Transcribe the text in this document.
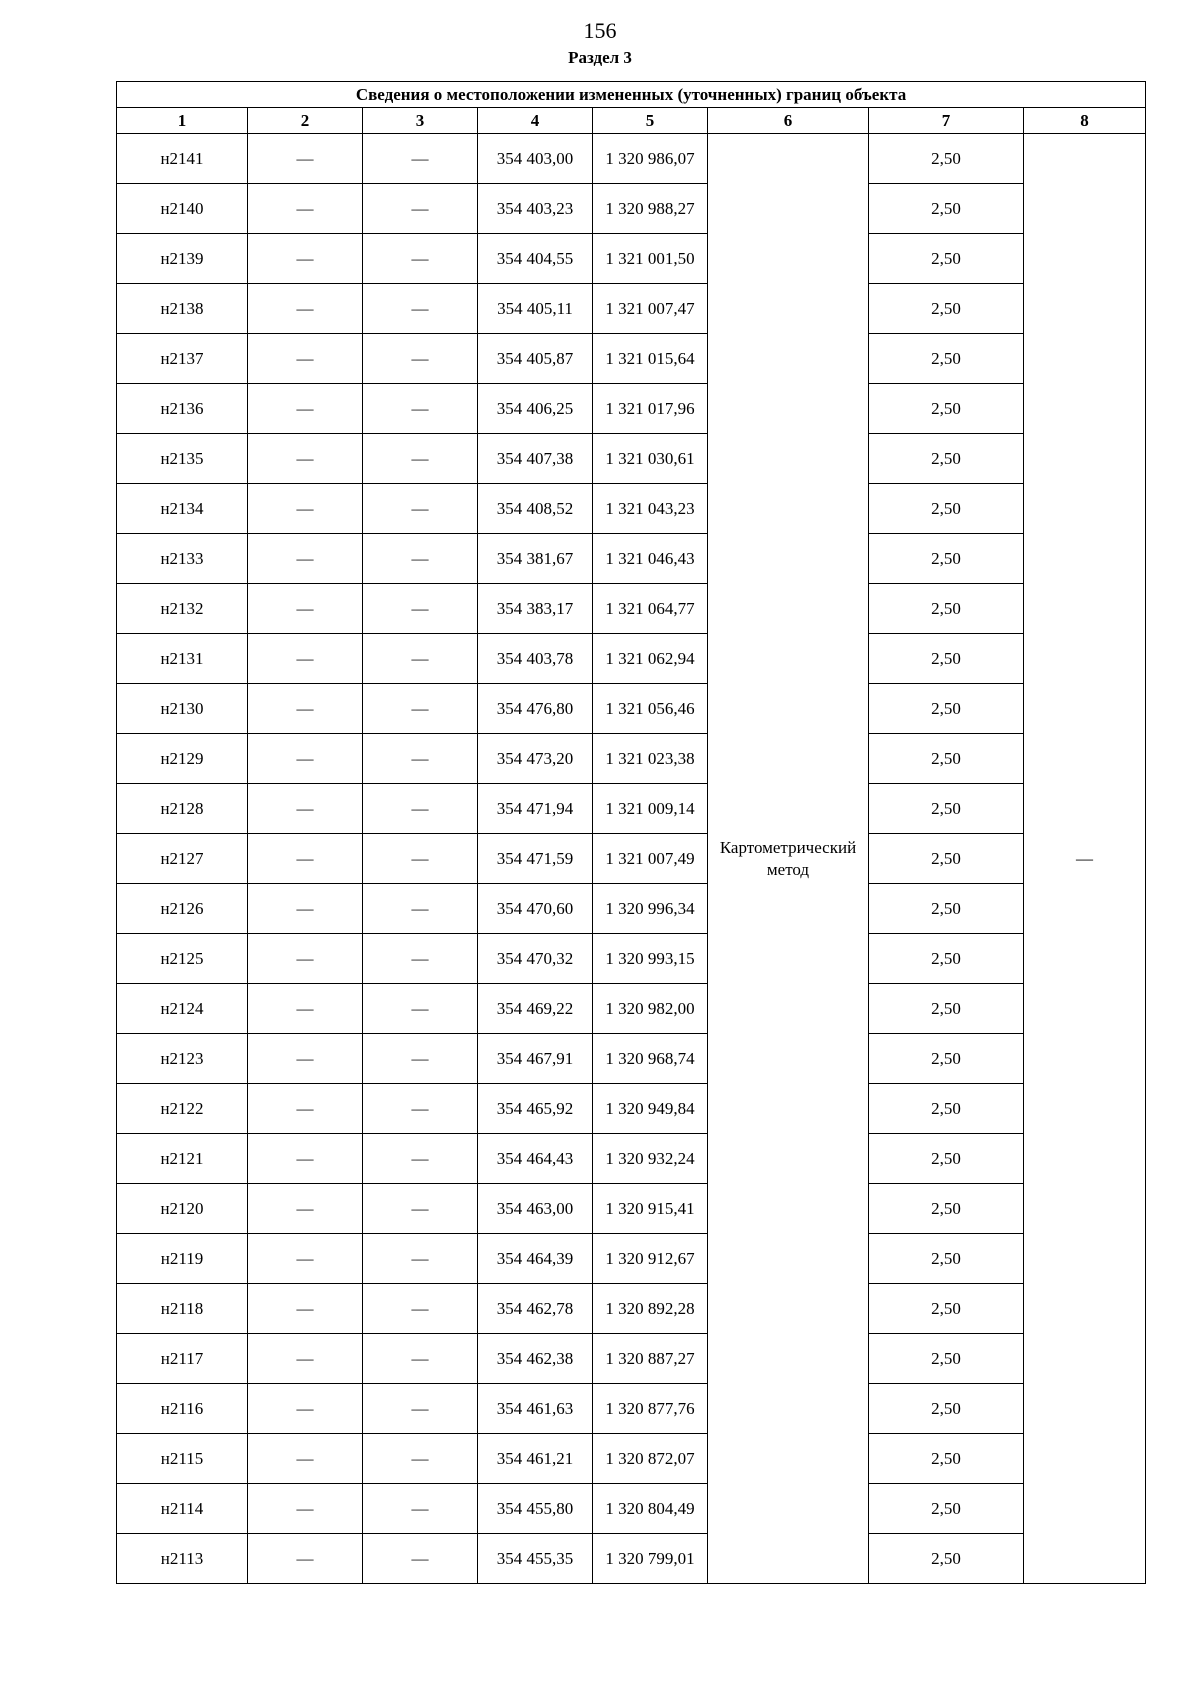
156
Раздел 3
Сведения о местоположении измененных (уточненных) границ объекта							
1	2	3	4	5	6	7	8
н2141	—	—	354 403,00	1 320 986,07	Картометрический метод	2,50	—
н2140	—	—	354 403,23	1 320 988,27		2,50	
н2139	—	—	354 404,55	1 321 001,50		2,50	
н2138	—	—	354 405,11	1 321 007,47		2,50	
н2137	—	—	354 405,87	1 321 015,64		2,50	
н2136	—	—	354 406,25	1 321 017,96		2,50	
н2135	—	—	354 407,38	1 321 030,61		2,50	
н2134	—	—	354 408,52	1 321 043,23		2,50	
н2133	—	—	354 381,67	1 321 046,43		2,50	
н2132	—	—	354 383,17	1 321 064,77		2,50	
н2131	—	—	354 403,78	1 321 062,94		2,50	
н2130	—	—	354 476,80	1 321 056,46		2,50	
н2129	—	—	354 473,20	1 321 023,38		2,50	
н2128	—	—	354 471,94	1 321 009,14		2,50	
н2127	—	—	354 471,59	1 321 007,49		2,50	
н2126	—	—	354 470,60	1 320 996,34		2,50	
н2125	—	—	354 470,32	1 320 993,15		2,50	
н2124	—	—	354 469,22	1 320 982,00		2,50	
н2123	—	—	354 467,91	1 320 968,74		2,50	
н2122	—	—	354 465,92	1 320 949,84		2,50	
н2121	—	—	354 464,43	1 320 932,24		2,50	
н2120	—	—	354 463,00	1 320 915,41		2,50	
н2119	—	—	354 464,39	1 320 912,67		2,50	
н2118	—	—	354 462,78	1 320 892,28		2,50	
н2117	—	—	354 462,38	1 320 887,27		2,50	
н2116	—	—	354 461,63	1 320 877,76		2,50	
н2115	—	—	354 461,21	1 320 872,07		2,50	
н2114	—	—	354 455,80	1 320 804,49		2,50	
н2113	—	—	354 455,35	1 320 799,01		2,50	
